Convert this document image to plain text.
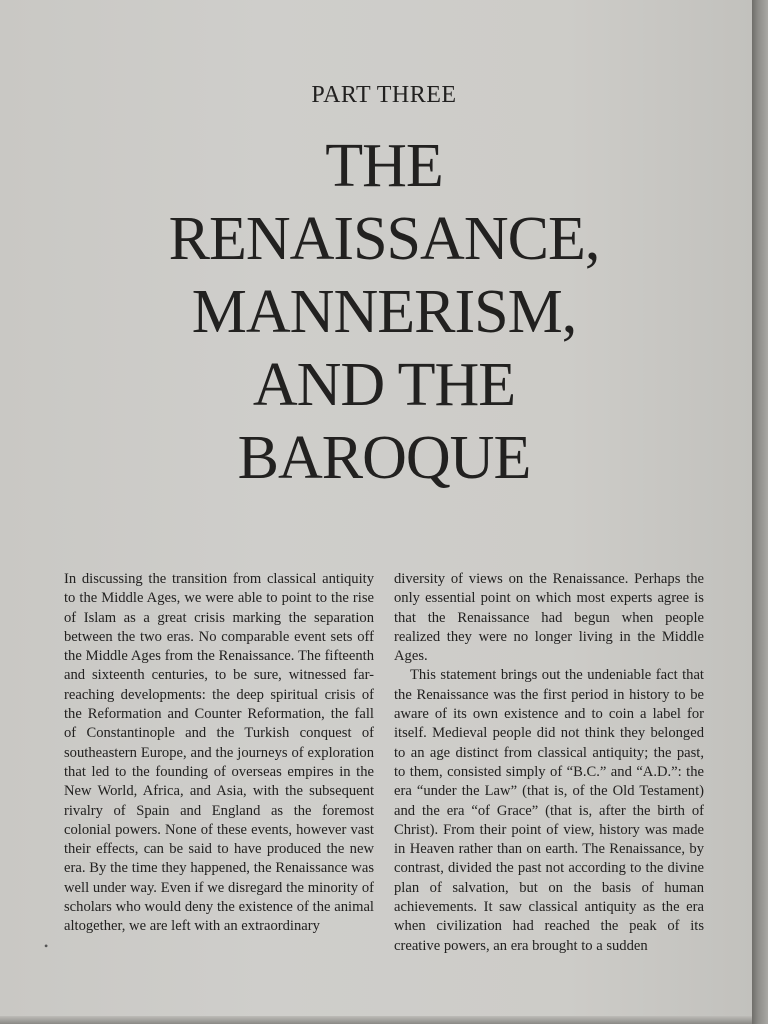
PART THREE
THE
RENAISSANCE,
MANNERISM,
AND THE
BAROQUE

In discussing the transition from classical antiquity to the Middle Ages, we were able to point to the rise of Islam as a great crisis marking the separation between the two eras. No comparable event sets off the Middle Ages from the Renaissance. The fifteenth and sixteenth centuries, to be sure, witnessed far-reaching developments: the deep spiritual crisis of the Reformation and Counter Reformation, the fall of Constantinople and the Turkish conquest of southeastern Europe, and the journeys of exploration that led to the founding of overseas empires in the New World, Africa, and Asia, with the subsequent rivalry of Spain and England as the foremost colonial powers. None of these events, however vast their effects, can be said to have produced the new era. By the time they happened, the Renaissance was well under way. Even if we disregard the minority of scholars who would deny the existence of the animal altogether, we are left with an extraordinary

diversity of views on the Renaissance. Perhaps the only essential point on which most experts agree is that the Renaissance had begun when people realized they were no longer living in the Middle Ages.

This statement brings out the undeniable fact that the Renaissance was the first period in history to be aware of its own existence and to coin a label for itself. Medieval people did not think they belonged to an age distinct from classical antiquity; the past, to them, consisted simply of “B.C.” and “A.D.”: the era “under the Law” (that is, of the Old Testament) and the era “of Grace” (that is, after the birth of Christ). From their point of view, history was made in Heaven rather than on earth. The Renaissance, by contrast, divided the past not according to the divine plan of salvation, but on the basis of human achievements. It saw classical antiquity as the era when civilization had reached the peak of its creative powers, an era brought to a sudden

•
